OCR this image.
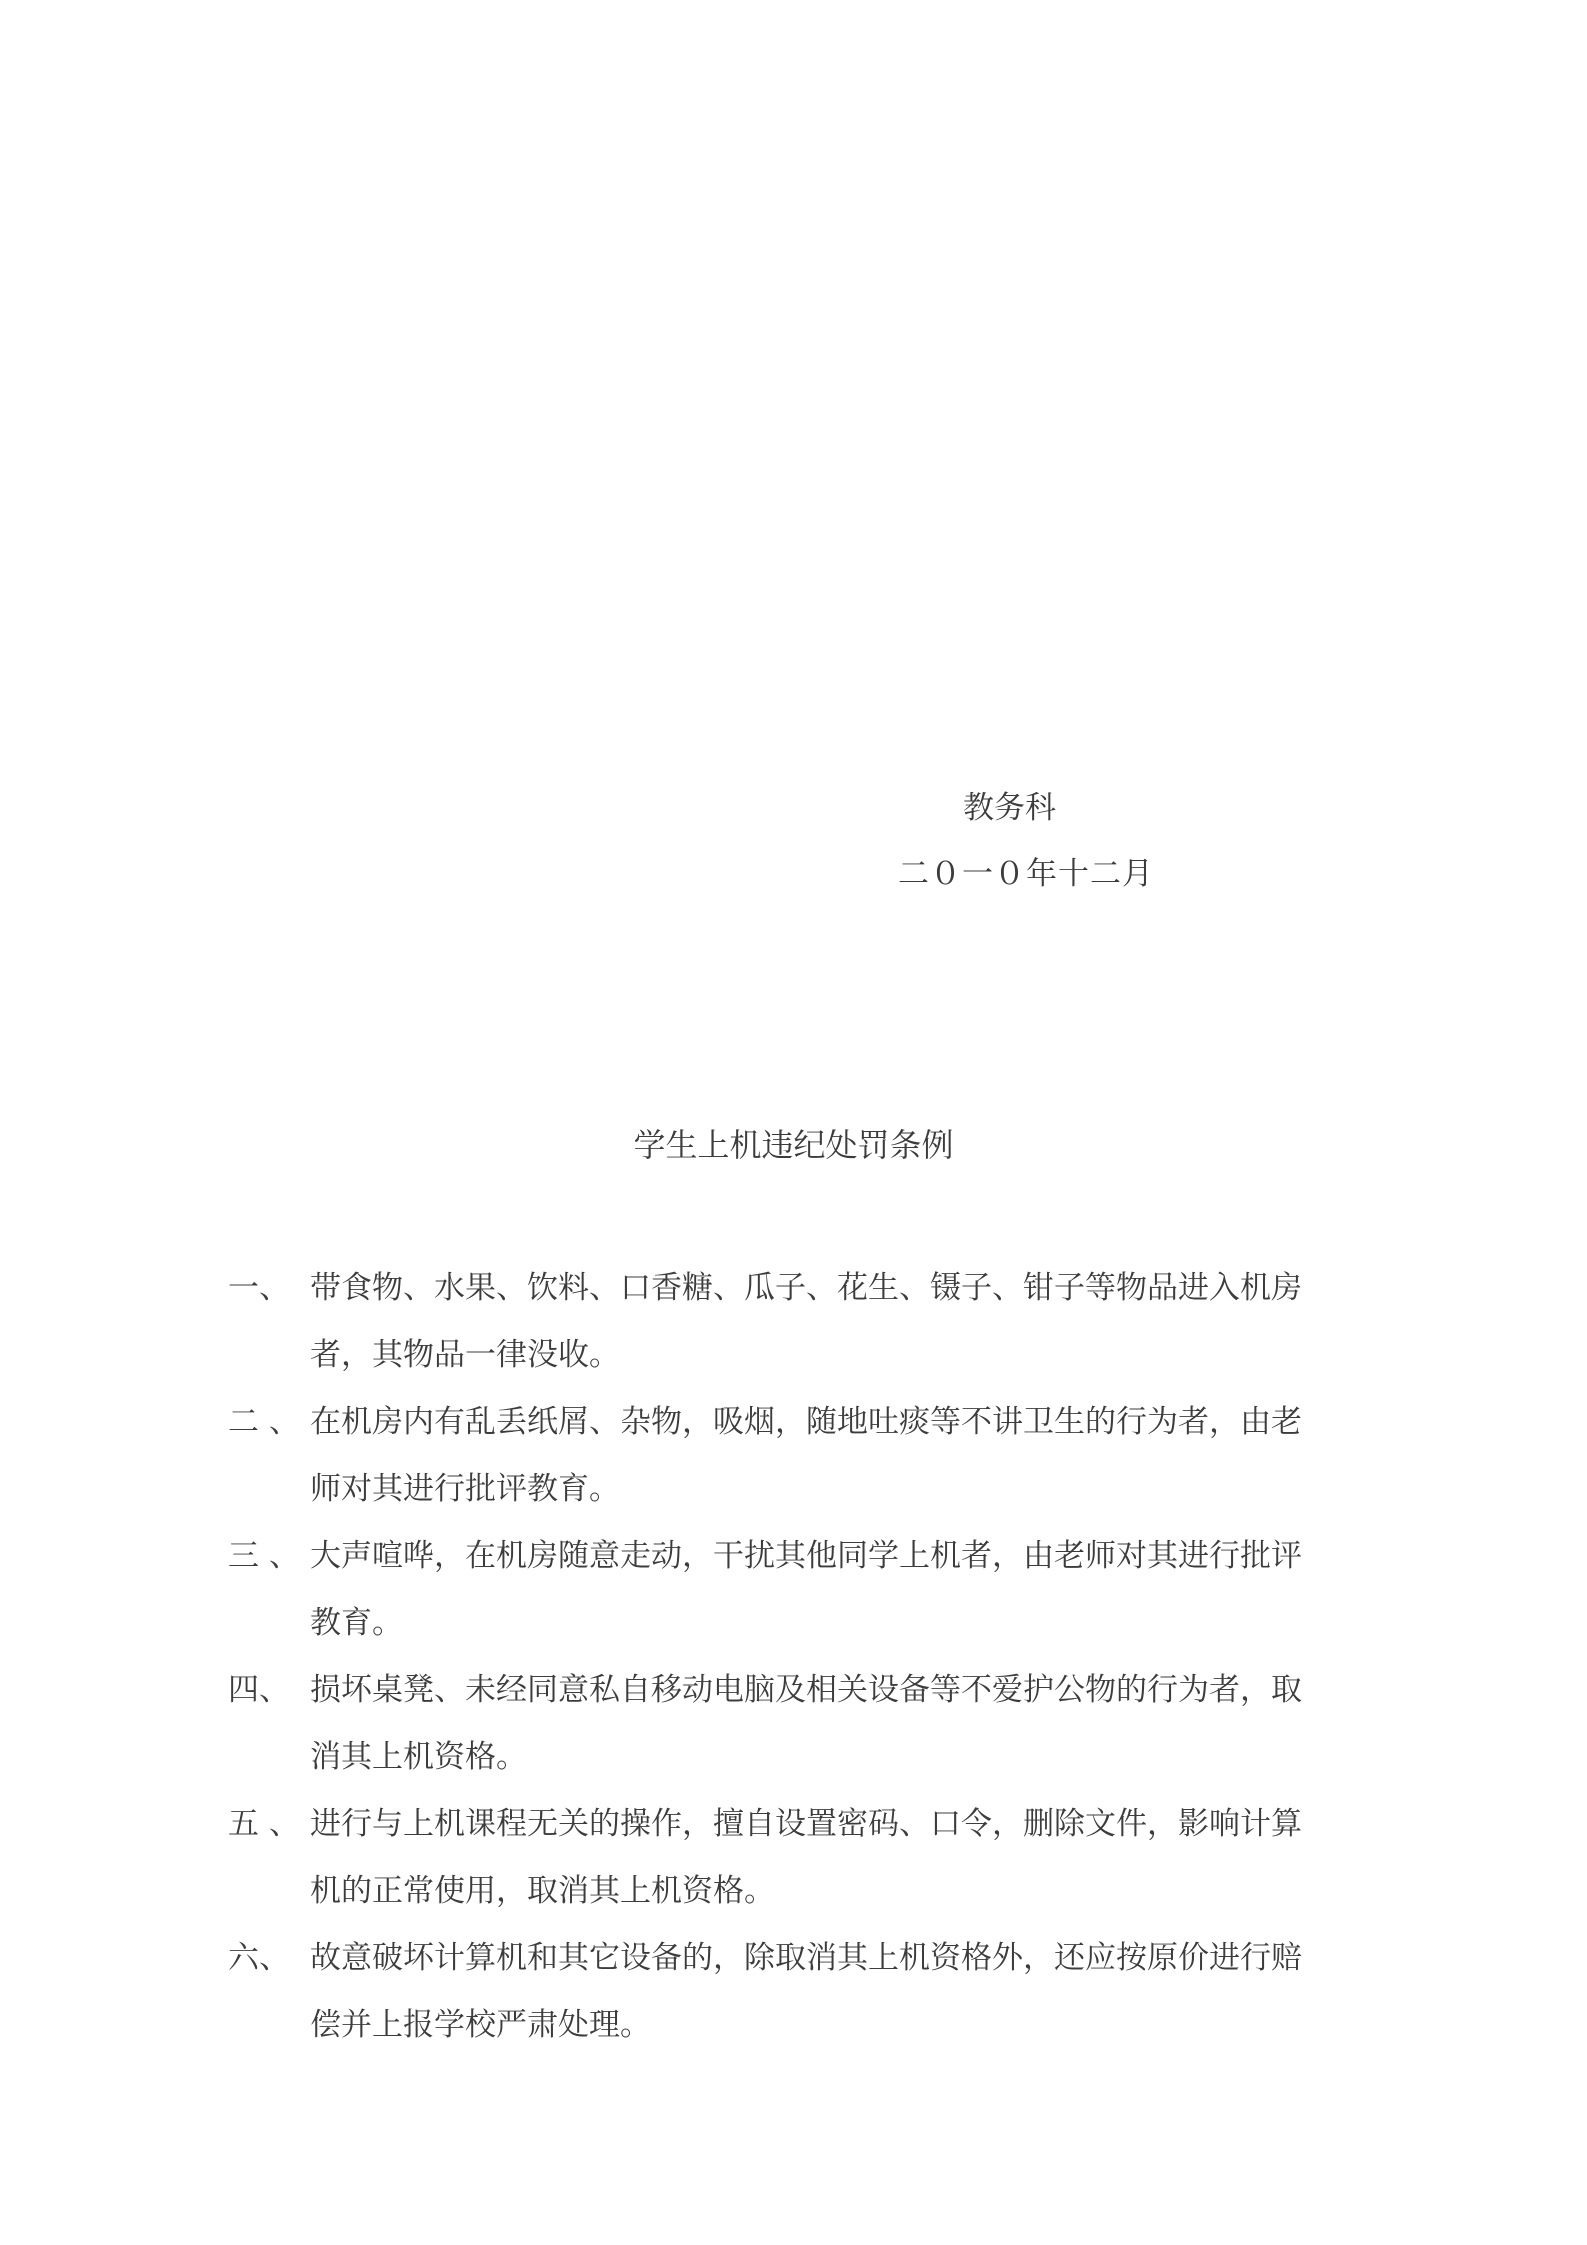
教务科
二０一０年十二月
学生上机违纪处罚条例

一、 带食物、水果、饮料、口香糖、瓜子、花生、镊子、钳子等物品进入机房
者，其物品一律没收。

二 、 在机房内有乱丢纸屑、杂物，吸烟，随地吐痰等不讲卫生的行为者，由老
师对其进行批评教育。

三 、 大声喧哗，在机房随意走动，干扰其他同学上机者，由老师对其进行批评
教育。

四、 损坏桌凳、未经同意私自移动电脑及相关设备等不爱护公物的行为者，取
消其上机资格。

五 、 进行与上机课程无关的操作，擅自设置密码、口令，删除文件，影响计算
机的正常使用，取消其上机资格。

六、 故意破坏计算机和其它设备的，除取消其上机资格外，还应按原价进行赔
偿并上报学校严肃处理。
